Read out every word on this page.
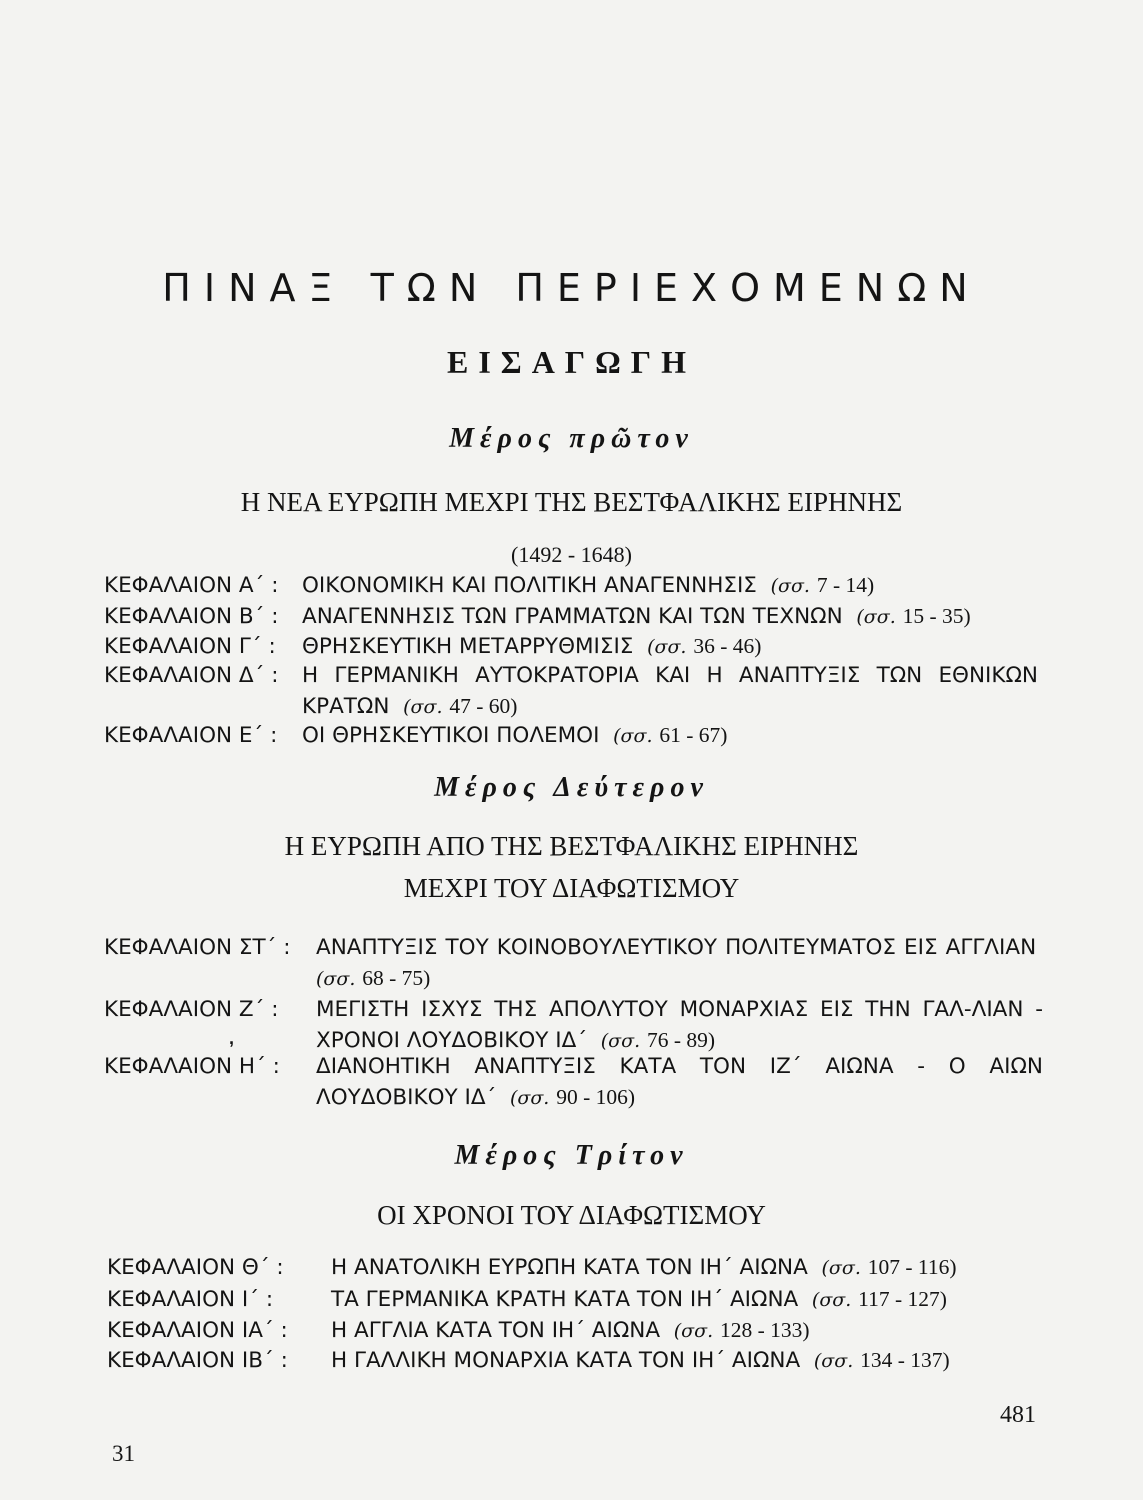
ΠΙΝΑΞ ΤΩΝ ΠΕΡΙΕΧΟΜΕΝΩΝ
ΕΙΣΑΓΩΓΗ
Μέρος πρῶτον
Η ΝΕΑ ΕΥΡΩΠΗ ΜΕΧΡΙ ΤΗΣ ΒΕΣΤΦΑΛΙΚΗΣ ΕΙΡΗΝΗΣ
(1492 - 1648)
ΚΕΦΑΛΑΙΟΝ Α΄ : ΟΙΚΟΝΟΜΙΚΗ ΚΑΙ ΠΟΛΙΤΙΚΗ ΑΝΑΓΕΝΝΗΣΙΣ (σσ. 7 - 14)
ΚΕΦΑΛΑΙΟΝ Β΄ : ΑΝΑΓΕΝΝΗΣΙΣ ΤΩΝ ΓΡΑΜΜΑΤΩΝ ΚΑΙ ΤΩΝ ΤΕΧΝΩΝ (σσ. 15 - 35)
ΚΕΦΑΛΑΙΟΝ Γ΄ : ΘΡΗΣΚΕΥΤΙΚΗ ΜΕΤΑΡΡΥΘΜΙΣΙΣ (σσ. 36 - 46)
ΚΕΦΑΛΑΙΟΝ Δ΄ : Η ΓΕΡΜΑΝΙΚΗ ΑΥΤΟΚΡΑΤΟΡΙΑ ΚΑΙ Η ΑΝΑΠΤΥΞΙΣ ΤΩΝ ΕΘΝΙΚΩΝ ΚΡΑΤΩΝ (σσ. 47 - 60)
ΚΕΦΑΛΑΙΟΝ Ε΄ : ΟΙ ΘΡΗΣΚΕΥΤΙΚΟΙ ΠΟΛΕΜΟΙ (σσ. 61 - 67)
Μέρος Δεύτερον
Η ΕΥΡΩΠΗ ΑΠΟ ΤΗΣ ΒΕΣΤΦΑΛΙΚΗΣ ΕΙΡΗΝΗΣ
ΜΕΧΡΙ ΤΟΥ ΔΙΑΦΩΤΙΣΜΟΥ
ΚΕΦΑΛΑΙΟΝ ΣΤ΄ : ΑΝΑΠΤΥΞΙΣ ΤΟΥ ΚΟΙΝΟΒΟΥΛΕΥΤΙΚΟΥ ΠΟΛΙΤΕΥΜΑΤΟΣ ΕΙΣ ΑΓΓΛΙΑΝ  (σσ. 68 - 75)
ΚΕΦΑΛΑΙΟΝ Ζ΄ : ΜΕΓΙΣΤΗ ΙΣΧΥΣ ΤΗΣ ΑΠΟΛΥΤΟΥ ΜΟΝΑΡΧΙΑΣ ΕΙΣ ΤΗΝ ΓΑΛ-ΛΙΑΝ - ΧΡΟΝΟΙ ΛΟΥΔΟΒΙΚΟΥ ΙΔ΄ (σσ. 76 - 89)
,
ΚΕΦΑΛΑΙΟΝ Η΄ : ΔΙΑΝΟΗΤΙΚΗ ΑΝΑΠΤΥΞΙΣ ΚΑΤΑ ΤΟΝ ΙΖ΄ ΑΙΩΝΑ - Ο ΑΙΩΝ ΛΟΥΔΟΒΙΚΟΥ ΙΔ΄ (σσ. 90 - 106)
Μέρος Τρίτον
ΟΙ ΧΡΟΝΟΙ ΤΟΥ ΔΙΑΦΩΤΙΣΜΟΥ
ΚΕΦΑΛΑΙΟΝ Θ΄ : Η ΑΝΑΤΟΛΙΚΗ ΕΥΡΩΠΗ ΚΑΤΑ ΤΟΝ ΙΗ΄ ΑΙΩΝΑ (σσ. 107 - 116)
ΚΕΦΑΛΑΙΟΝ Ι΄ :	ΤΑ ΓΕΡΜΑΝΙΚΑ ΚΡΑΤΗ ΚΑΤΑ ΤΟΝ ΙΗ΄ ΑΙΩΝΑ (σσ. 117 - 127)
ΚΕΦΑΛΑΙΟΝ ΙΑ΄ : Η ΑΓΓΛΙΑ ΚΑΤΑ ΤΟΝ ΙΗ΄ ΑΙΩΝΑ (σσ. 128 - 133)
ΚΕΦΑΛΑΙΟΝ ΙΒ΄ : Η ΓΑΛΛΙΚΗ ΜΟΝΑΡΧΙΑ ΚΑΤΑ ΤΟΝ ΙΗ΄ ΑΙΩΝΑ (σσ. 134 - 137)
481
31
